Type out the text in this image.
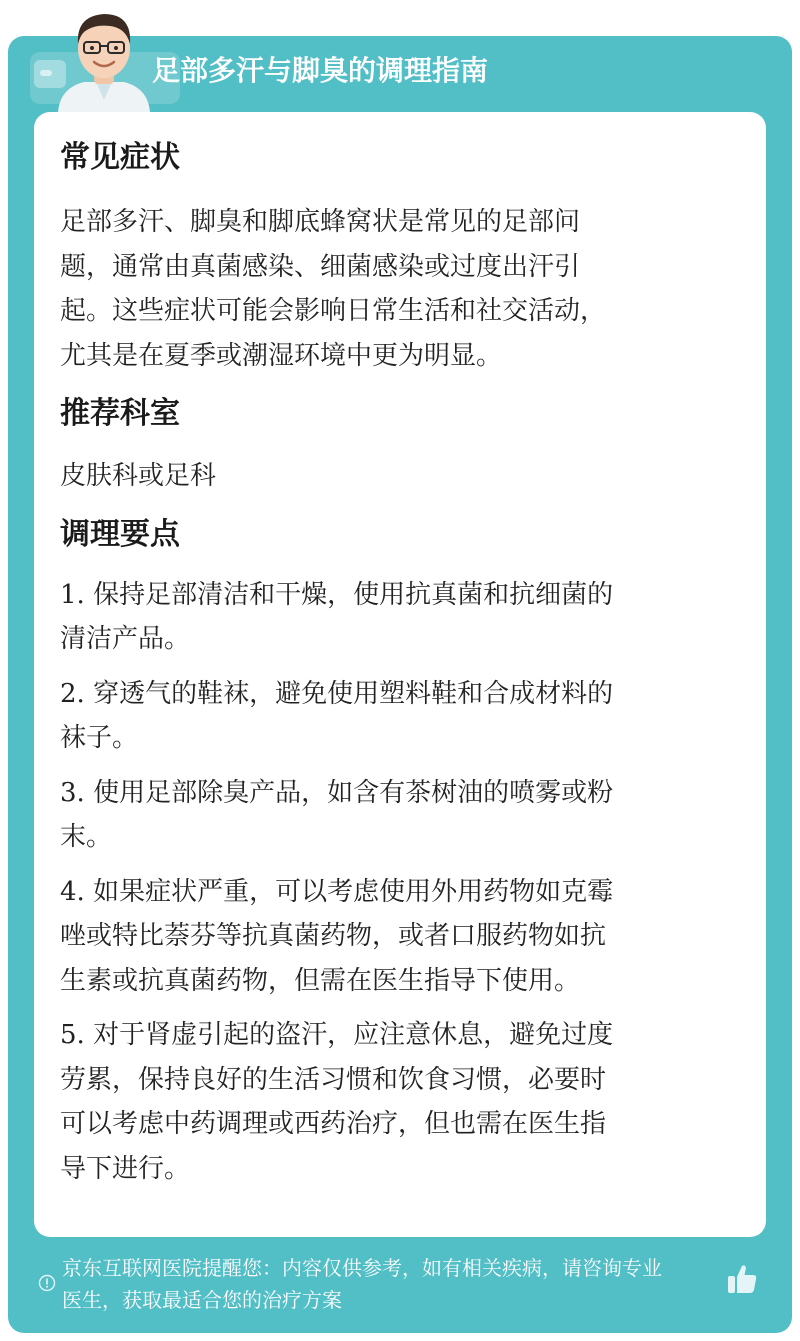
足部多汗与脚臭的调理指南
常见症状

足部多汗、脚臭和脚底蜂窝状是常见的足部问

题，通常由真菌感染、细菌感染或过度出汗引

起。这些症状可能会影响日常生活和社交活动，

尤其是在夏季或潮湿环境中更为明显。

推荐科室

皮肤科或足科

调理要点

1. 保持足部清洁和干燥，使用抗真菌和抗细菌的

清洁产品。

2. 穿透气的鞋袜，避免使用塑料鞋和合成材料的

袜子。

3. 使用足部除臭产品，如含有茶树油的喷雾或粉

末。

4. 如果症状严重，可以考虑使用外用药物如克霉

唑或特比萘芬等抗真菌药物，或者口服药物如抗

生素或抗真菌药物，但需在医生指导下使用。

5. 对于肾虚引起的盗汗，应注意休息，避免过度

劳累，保持良好的生活习惯和饮食习惯，必要时

可以考虑中药调理或西药治疗，但也需在医生指

导下进行。

京东互联网医院提醒您：内容仅供参考，如有相关疾病，请咨询专业
医生，获取最适合您的治疗方案
